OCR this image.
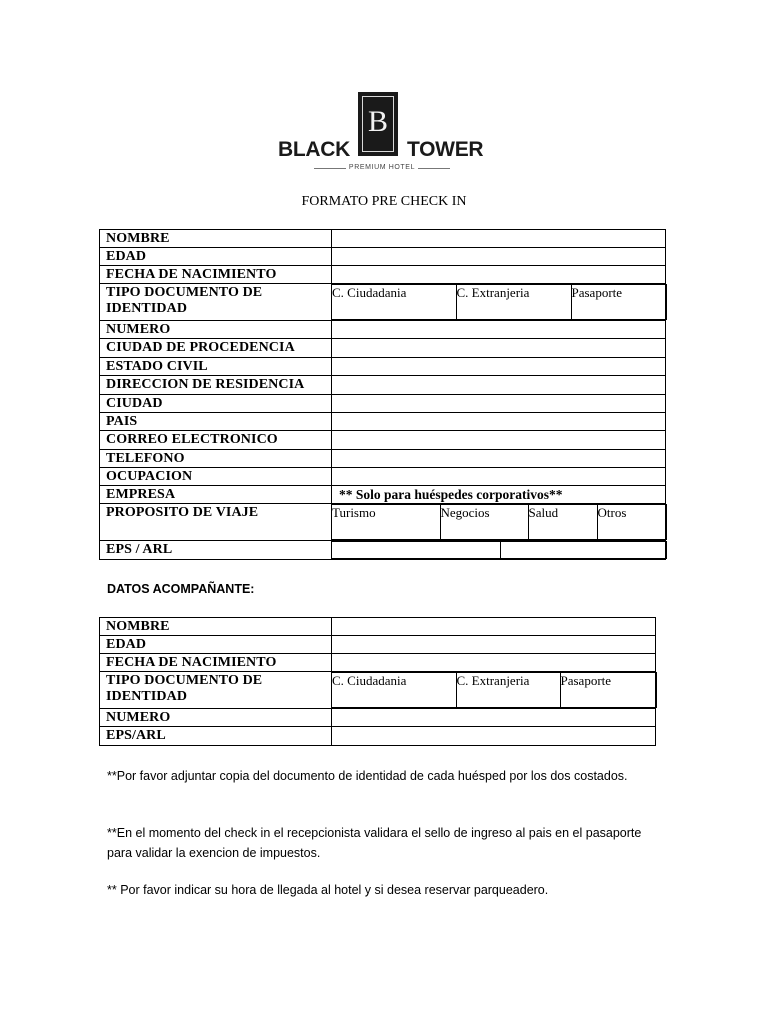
B
BLACK	TOWER
PREMIUM HOTEL
FORMATO PRE CHECK IN
NOMBRE	
EDAD	
FECHA DE NACIMIENTO	
TIPO DOCUMENTO DE IDENTIDAD	
C. Ciudadania	C. Extranjeria	Pasaporte

NUMERO	
CIUDAD DE PROCEDENCIA	
ESTADO CIVIL	
DIRECCION DE RESIDENCIA	
CIUDAD	
PAIS	
CORREO ELECTRONICO	
TELEFONO	
OCUPACION	
EMPRESA	** Solo para huéspedes corporativos**
PROPOSITO DE VIAJE		Turismo	Negocios	Salud	Otros

EPS / ARL	

DATOS ACOMPAÑANTE:
NOMBRE	
EDAD	
FECHA DE NACIMIENTO	
TIPO DOCUMENTO DE IDENTIDAD	
C. Ciudadania	C. Extranjeria	Pasaporte

NUMERO	
EPS/ARL	
**Por favor adjuntar copia del documento de identidad de cada huésped por los dos costados.
**En el momento del check in el recepcionista validara el sello de ingreso al pais en el pasaporte para validar la exencion de impuestos.
** Por favor indicar su hora de llegada al hotel y si desea reservar parqueadero.
